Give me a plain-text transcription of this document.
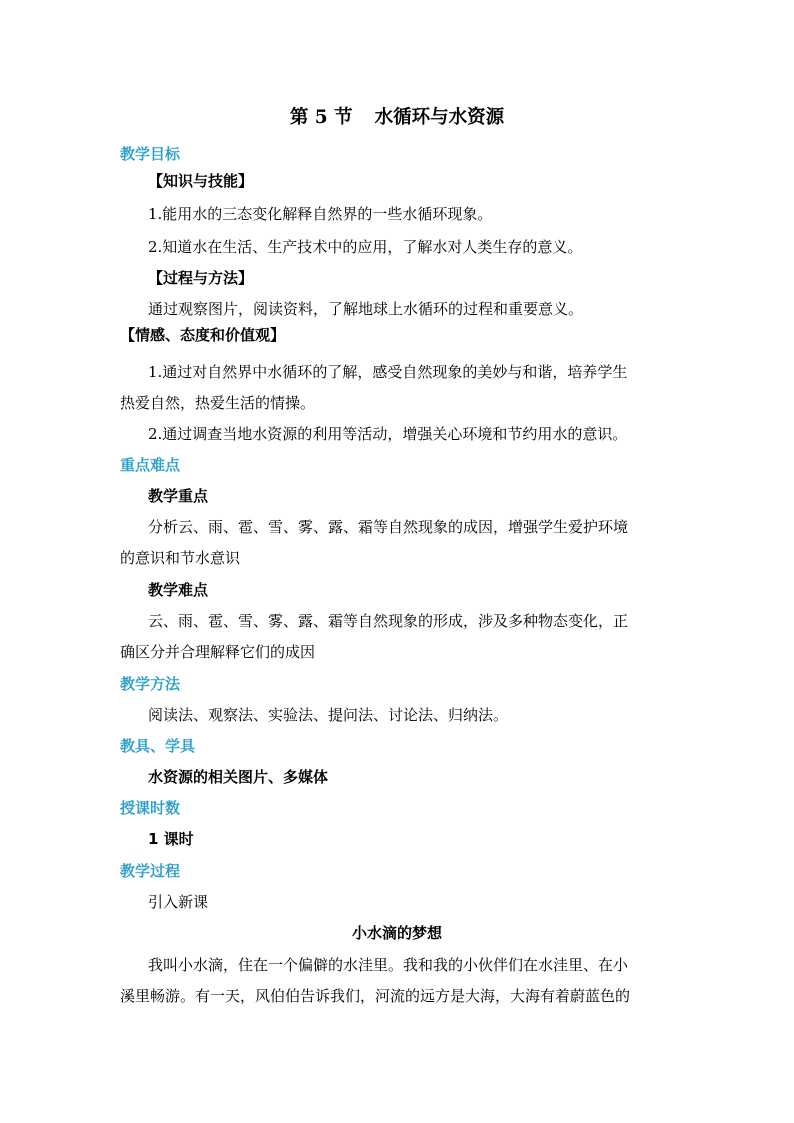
第 5 节 水循环与水资源
教学目标
【知识与技能】
1.能用水的三态变化解释自然界的一些水循环现象。
2.知道水在生活、生产技术中的应用，了解水对人类生存的意义。
【过程与方法】
通过观察图片，阅读资料，了解地球上水循环的过程和重要意义。
【情感、态度和价值观】
1.通过对自然界中水循环的了解，感受自然现象的美妙与和谐，培养学生
热爱自然，热爱生活的情操。
2.通过调查当地水资源的利用等活动，增强关心环境和节约用水的意识。
重点难点
教学重点
分析云、雨、雹、雪、雾、露、霜等自然现象的成因，增强学生爱护环境
的意识和节水意识
教学难点
云、雨、雹、雪、雾、露、霜等自然现象的形成，涉及多种物态变化，正
确区分并合理解释它们的成因
教学方法
阅读法、观察法、实验法、提问法、讨论法、归纳法。
教具、学具
水资源的相关图片、多媒体
授课时数
1 课时
教学过程
引入新课
小水滴的梦想
我叫小水滴，住在一个偏僻的水洼里。我和我的小伙伴们在水洼里、在小
溪里畅游。有一天，风伯伯告诉我们，河流的远方是大海，大海有着蔚蓝色的
